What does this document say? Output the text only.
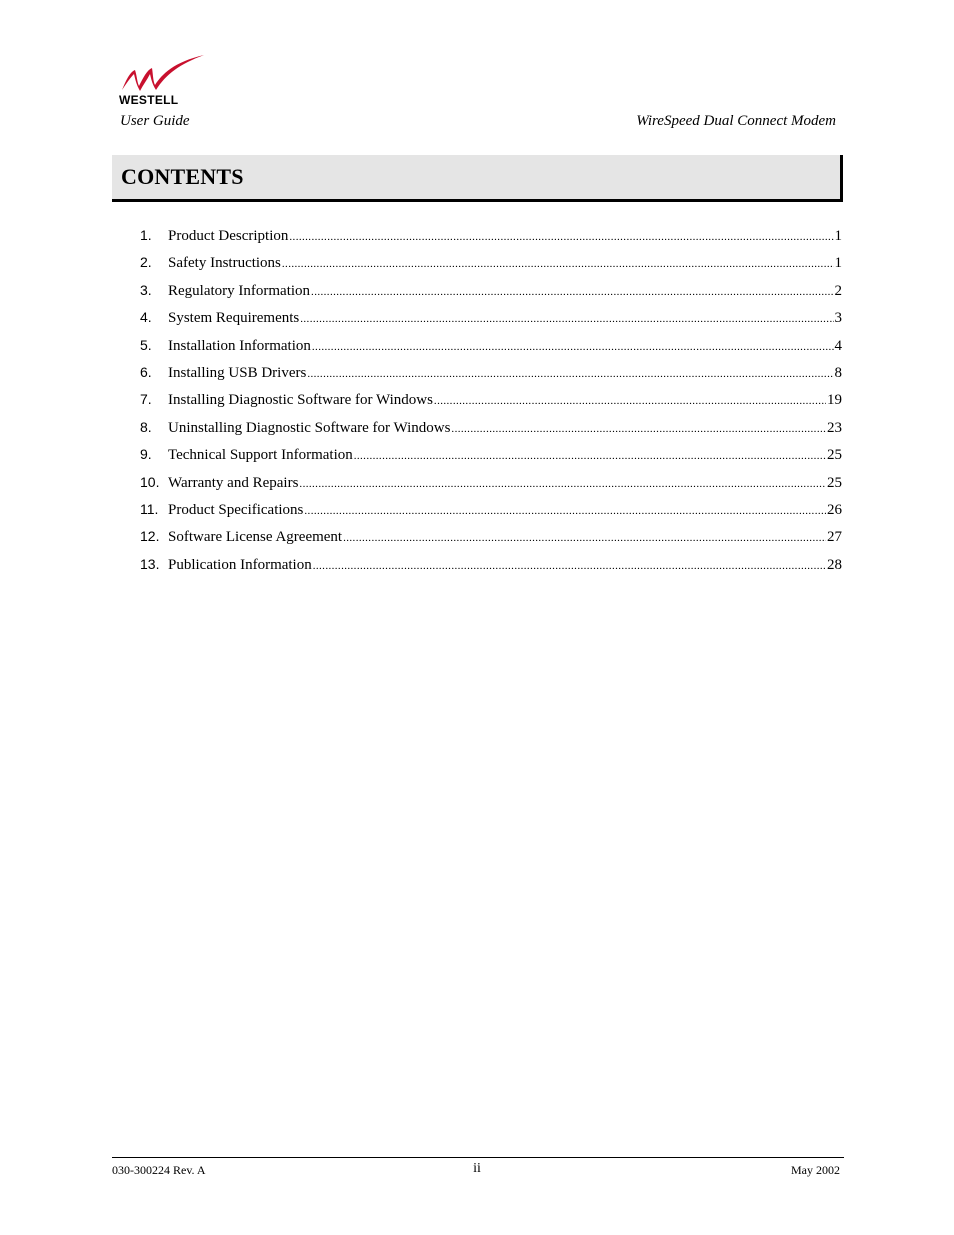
WESTELL
User Guide	WireSpeed Dual Connect Modem
CONTENTS
1.	Product Description .....	1
2.	Safety Instructions .....	1
3.	Regulatory Information .....	2
4.	System Requirements .....	3
5.	Installation Information .....	4
6.	Installing USB Drivers .....	8
7.	Installing Diagnostic Software for Windows .....	19
8.	Uninstalling Diagnostic Software for Windows .....	23
9.	Technical Support Information .....	25
10. Warranty and Repairs .....	25
11. Product Specifications .....	26
12. Software License Agreement .....	27
13. Publication Information .....	28
030-300224 Rev. A	ii	May 2002
